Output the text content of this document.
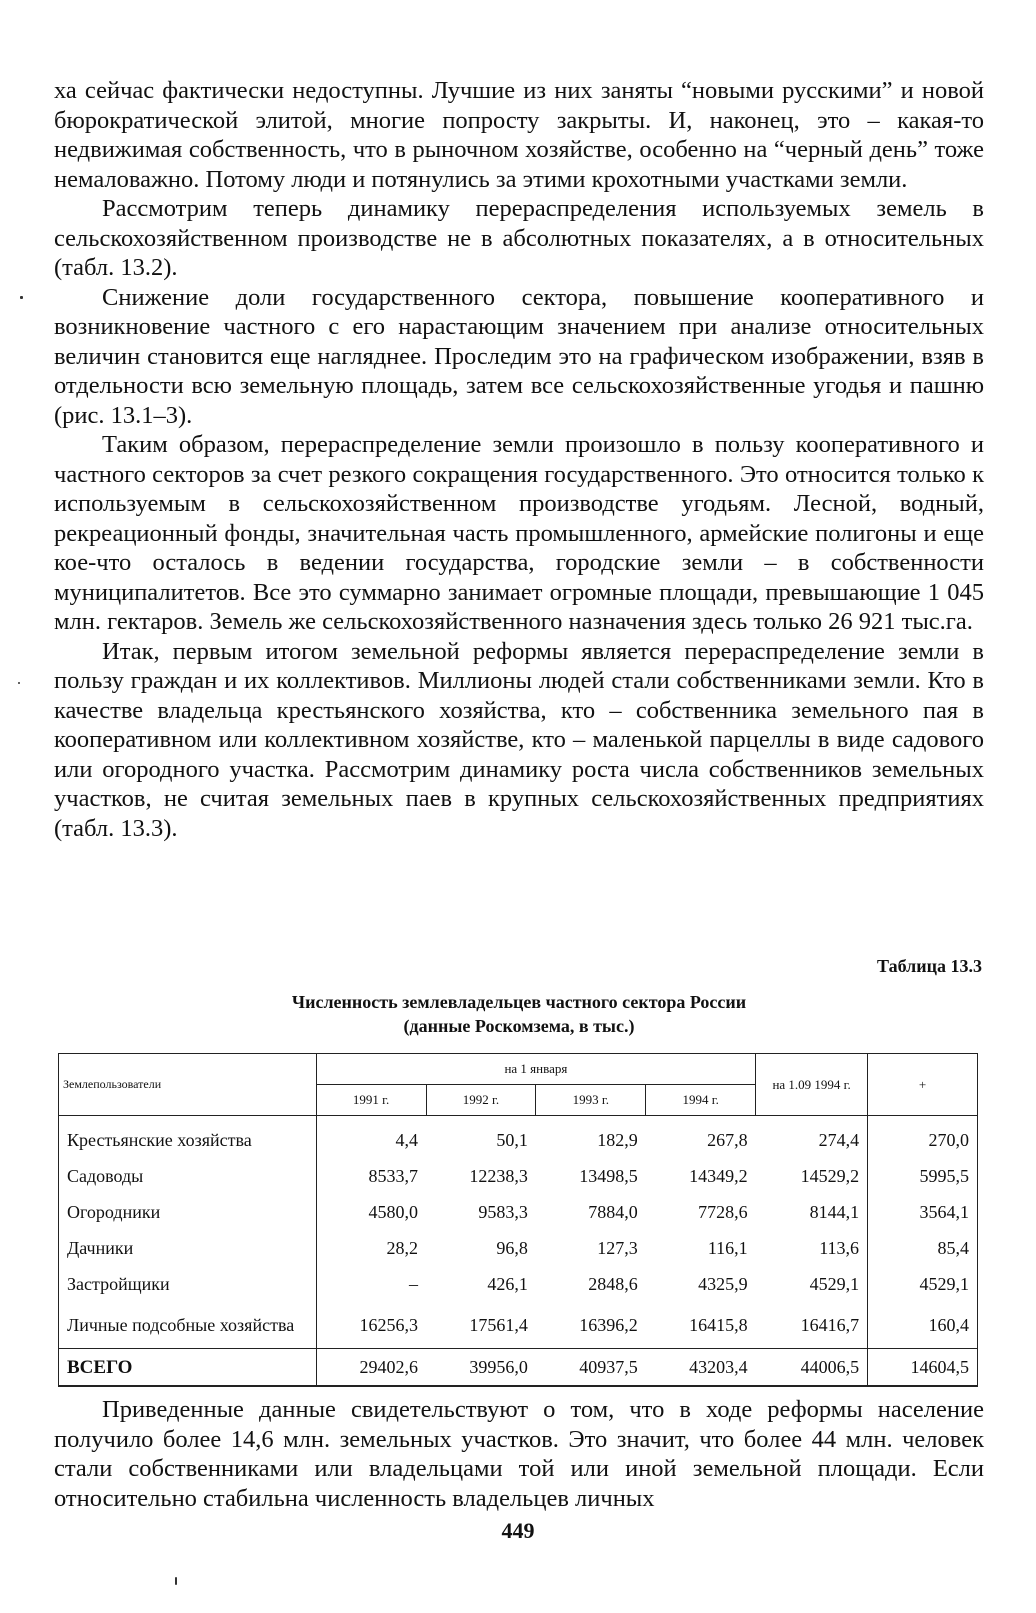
ха сейчас фактически недоступны. Лучшие из них заняты “новыми русскими” и новой бюрократической элитой, многие попросту закрыты. И, наконец, это – какая-то недвижимая собственность, что в рыночном хозяйстве, особенно на “черный день” тоже немаловажно. Потому люди и потянулись за этими крохотными участками земли.

Рассмотрим теперь динамику перераспределения используемых земель в сельскохозяйственном производстве не в абсолютных показателях, а в относительных (табл. 13.2).

Снижение доли государственного сектора, повышение кооперативного и возникновение частного с его нарастающим значением при анализе относительных величин становится еще нагляднее. Проследим это на графическом изображении, взяв в отдельности всю земельную площадь, затем все сельскохозяйственные угодья и пашню (рис. 13.1–3).

Таким образом, перераспределение земли произошло в пользу кооперативного и частного секторов за счет резкого сокращения государственного. Это относится только к используемым в сельскохозяйственном производстве угодьям. Лесной, водный, рекреационный фонды, значительная часть промышленного, армейские полигоны и еще кое-что осталось в ведении государства, городские земли – в собственности муниципалитетов. Все это суммарно занимает огромные площади, превышающие 1 045 млн. гектаров. Земель же сельскохозяйственного назначения здесь только 26 921 тыс.га.

Итак, первым итогом земельной реформы является перераспределение земли в пользу граждан и их коллективов. Миллионы людей стали собственниками земли. Кто в качестве владельца крестьянского хозяйства, кто – собственника земельного пая в кооперативном или коллективном хозяйстве, кто – маленькой парцеллы в виде садового или огородного участка. Рассмотрим динамику роста числа собственников земельных участков, не считая земельных паев в крупных сельскохозяйственных предприятиях (табл. 13.3).

Таблица 13.3
Численность землевладельцев частного сектора России
(данные Роскомзема, в тыс.)
Землепользователи	на 1 января				на 1.09 1994 г.	+
	1991 г.	1992 г.	1993 г.	1994 г.		
Крестьянские хозяйства	4,4	50,1	182,9	267,8	274,4	270,0
Садоводы	8533,7	12238,3	13498,5	14349,2	14529,2	5995,5
Огородники	4580,0	9583,3	7884,0	7728,6	8144,1	3564,1
Дачники	28,2	96,8	127,3	116,1	113,6	85,4
Застройщики	–	426,1	2848,6	4325,9	4529,1	4529,1
Личные подсобные хозяйства	16256,3	17561,4	16396,2	16415,8	16416,7	160,4
ВСЕГО	29402,6	39956,0	40937,5	43203,4	44006,5	14604,5

Приведенные данные свидетельствуют о том, что в ходе реформы население получило более 14,6 млн. земельных участков. Это значит, что более 44 млн. человек стали собственниками или владельцами той или иной земельной площади. Если относительно стабильна численность владельцев личных

449
